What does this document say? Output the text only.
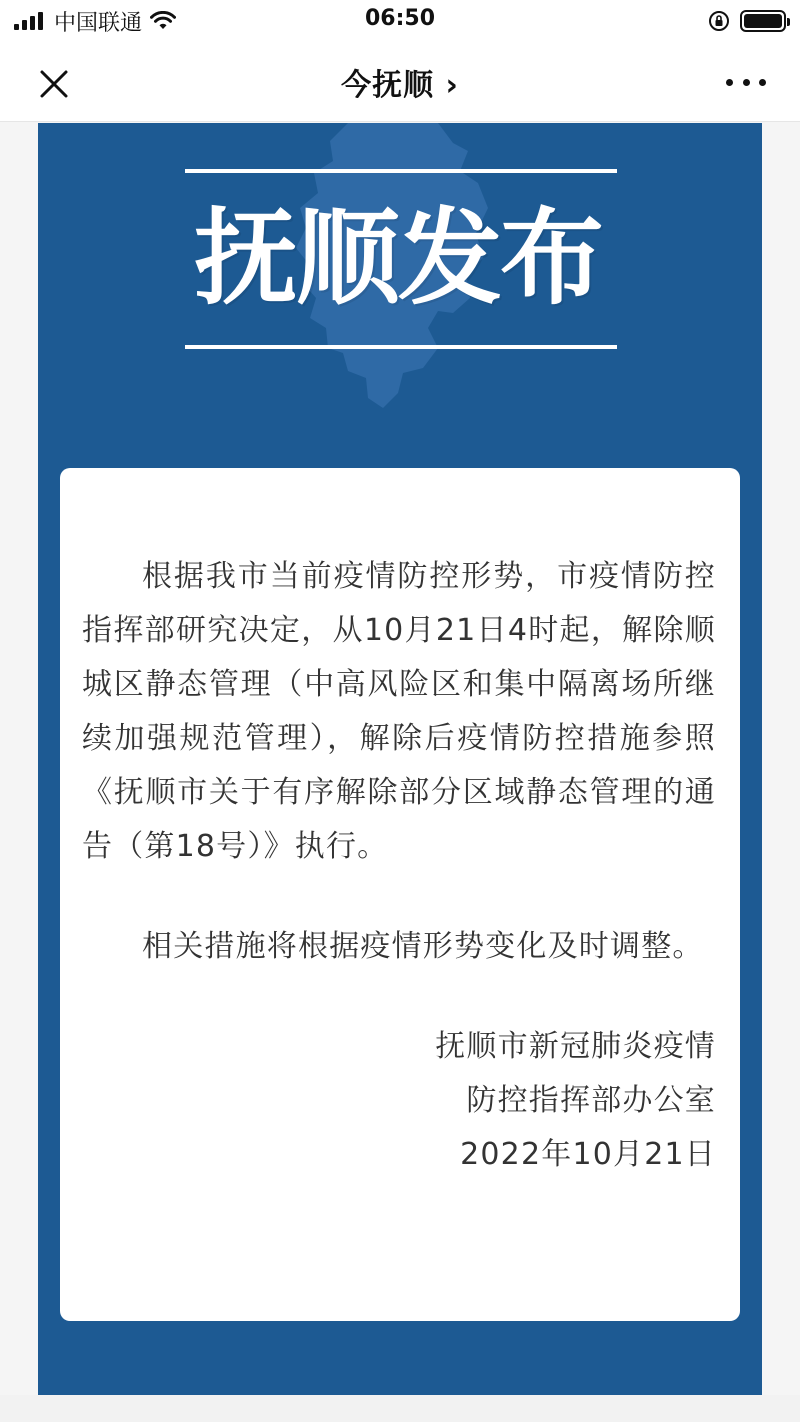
中国联通	06:50
今抚顺 ›
抚顺发布

根据我市当前疫情防控形势，市疫情防控指挥部研究决定，从10月21日4时起，解除顺城区静态管理（中高风险区和集中隔离场所继续加强规范管理），解除后疫情防控措施参照《抚顺市关于有序解除部分区域静态管理的通告（第18号）》执行。

相关措施将根据疫情形势变化及时调整。

抚顺市新冠肺炎疫情
防控指挥部办公室
2022年10月21日
